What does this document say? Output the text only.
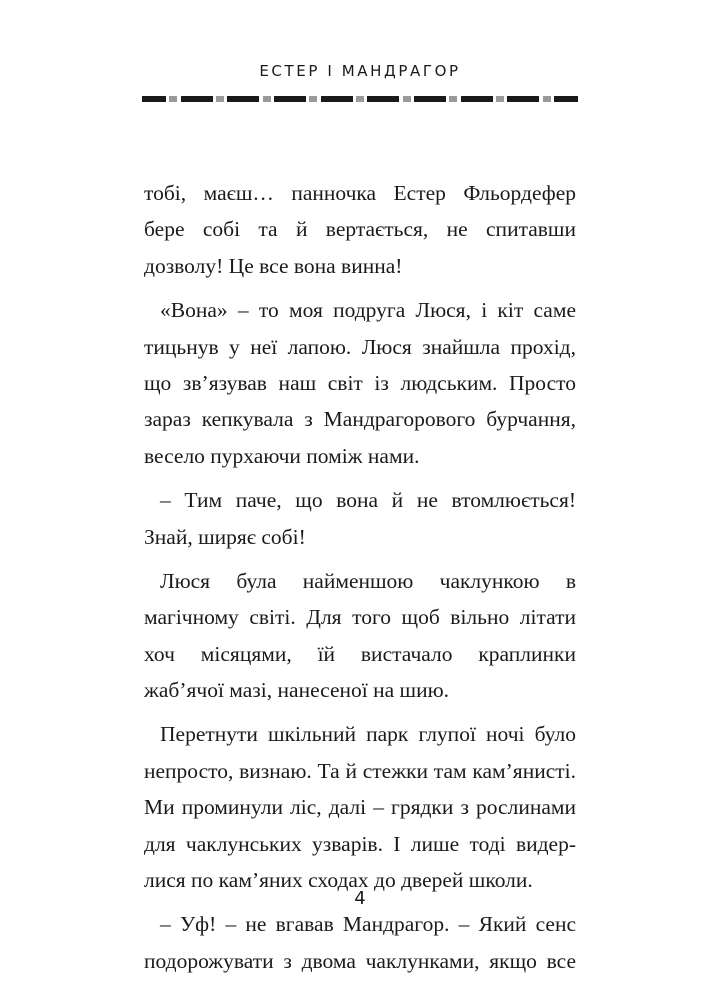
ЕСТЕР І МАНДРАГОР

тобі, маєш… панночка Естер Фльордефер
бере собі та й вертається, не спитавши
дозволу! Це все вона винна!

«Вона» – то моя подруга Люся, і кіт саме
тицьнув у неї лапою. Люся знайшла прохід,
що зв’язував наш світ із людським. Просто
зараз кепкувала з Мандрагорового бурчання,
весело пурхаючи поміж нами.

– Тим паче, що вона й не втомлюється!
Знай, ширяє собі!

Люся була найменшою чаклункою в
магічному світі. Для того щоб вільно літати
хоч місяцями, їй вистачало краплинки
жаб’ячої мазі, нанесеної на шию.

Перетнути шкільний парк глупої ночі було
непросто, визнаю. Та й стежки там кам’янисті.
Ми проминули ліс, далі – грядки з рослинами
для чаклунських узварів. І лише тоді видер-
лися по кам’яних сходах до дверей школи.

– Уф! – не вгавав Мандрагор. – Який сенс
подорожувати з двома чаклунками, якщо все

4
